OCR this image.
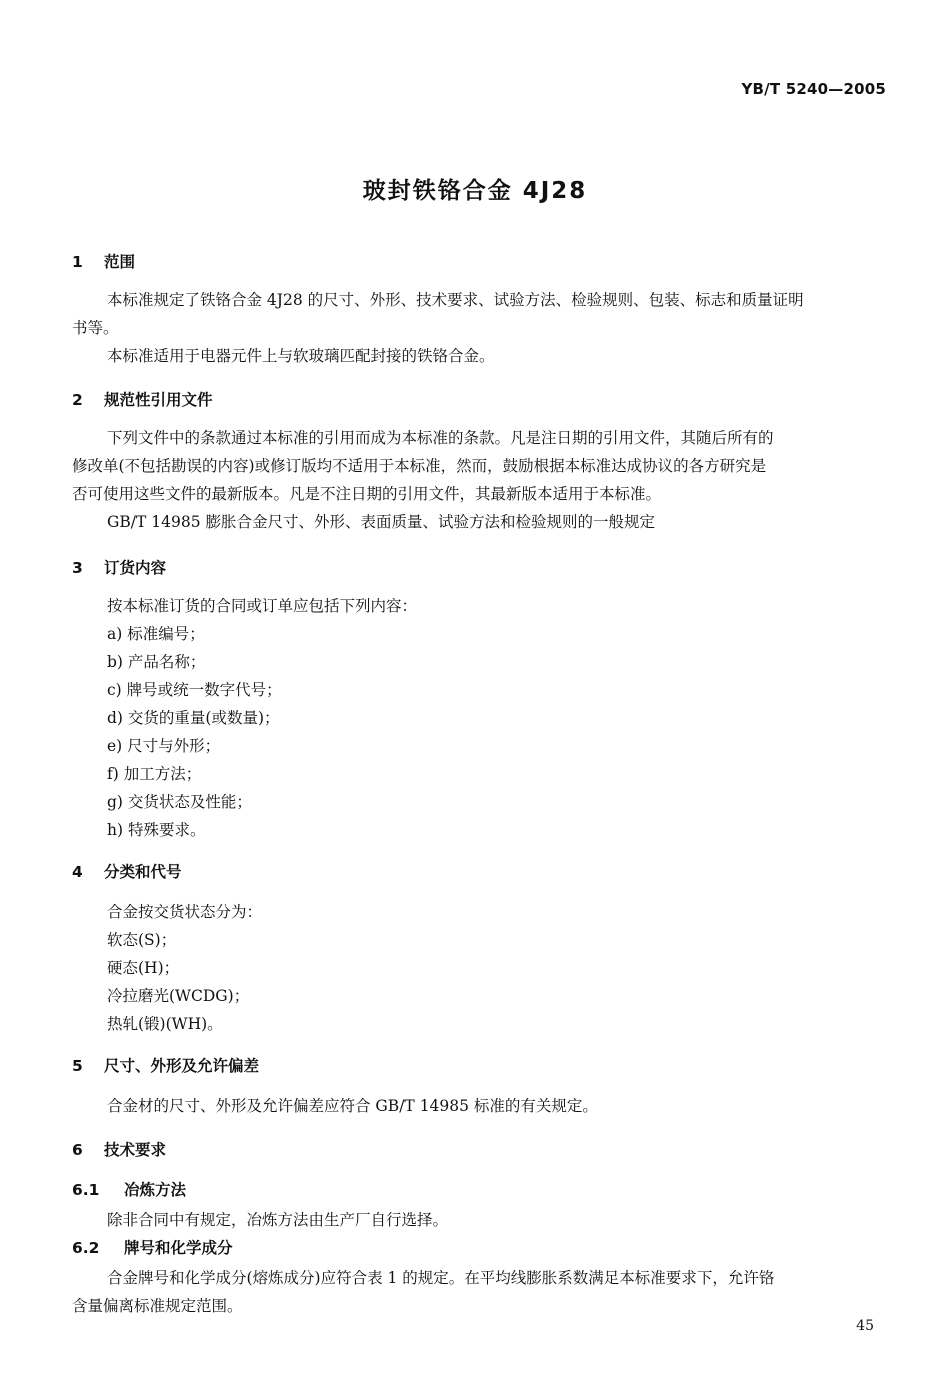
YB/T 5240—2005
玻封铁铬合金 4J28
1 范围
本标准规定了铁铬合金 4J28 的尺寸、外形、技术要求、试验方法、检验规则、包装、标志和质量证明
书等。
本标准适用于电器元件上与软玻璃匹配封接的铁铬合金。
2 规范性引用文件
下列文件中的条款通过本标准的引用而成为本标准的条款。凡是注日期的引用文件，其随后所有的
修改单(不包括勘误的内容)或修订版均不适用于本标准，然而，鼓励根据本标准达成协议的各方研究是
否可使用这些文件的最新版本。凡是不注日期的引用文件，其最新版本适用于本标准。
GB/T 14985 膨胀合金尺寸、外形、表面质量、试验方法和检验规则的一般规定
3 订货内容
按本标准订货的合同或订单应包括下列内容：
a) 标准编号；
b) 产品名称；
c) 牌号或统一数字代号；
d) 交货的重量(或数量)；
e) 尺寸与外形；
f) 加工方法；
g) 交货状态及性能；
h) 特殊要求。
4 分类和代号
合金按交货状态分为：
软态(S)；
硬态(H)；
冷拉磨光(WCDG)；
热轧(锻)(WH)。
5 尺寸、外形及允许偏差
合金材的尺寸、外形及允许偏差应符合 GB/T 14985 标准的有关规定。
6 技术要求
6.1 冶炼方法
除非合同中有规定，冶炼方法由生产厂自行选择。
6.2 牌号和化学成分
合金牌号和化学成分(熔炼成分)应符合表 1 的规定。在平均线膨胀系数满足本标准要求下，允许铬
含量偏离标准规定范围。
45
